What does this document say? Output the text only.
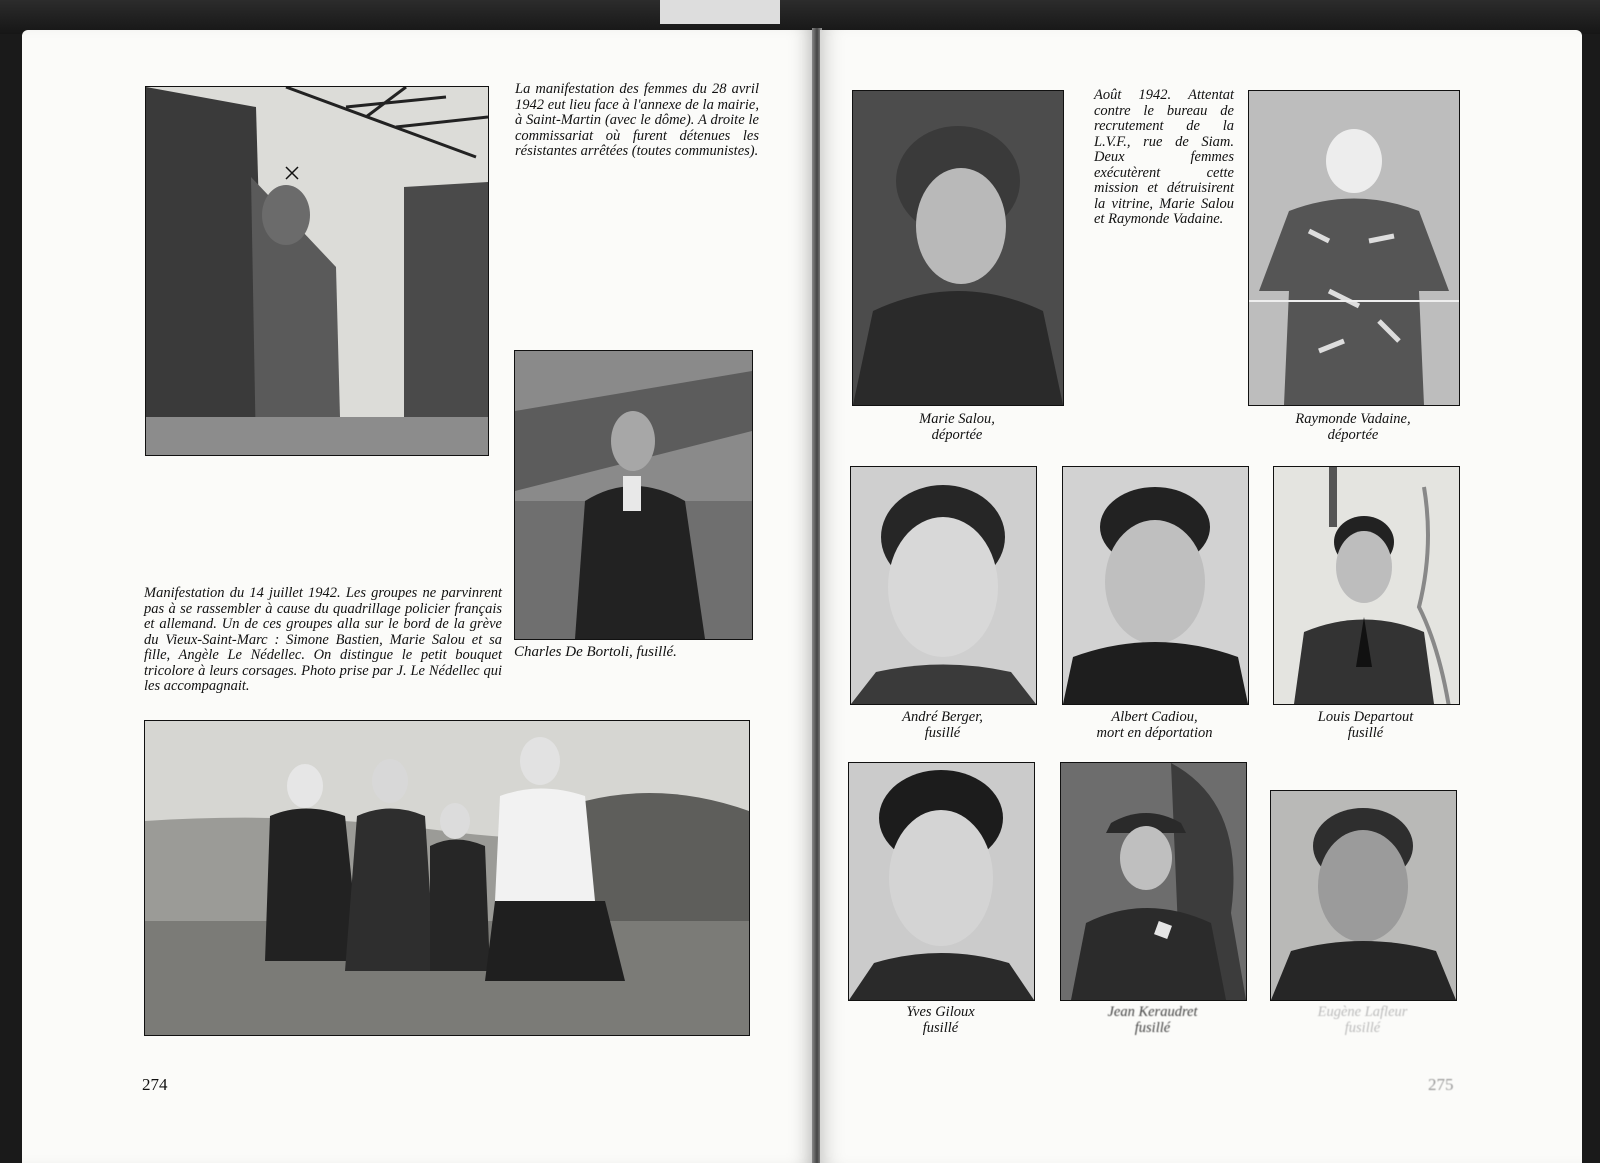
La manifestation des femmes du 28 avril 1942 eut lieu face à l'annexe de la mairie, à Saint-Martin (avec le dôme). A droite le commissariat où furent détenues les résistantes arrêtées (toutes communistes).
Charles De Bortoli, fusillé.
Manifestation du 14 juillet 1942. Les groupes ne parvinrent pas à se rassembler à cause du quadrillage policier français et allemand. Un de ces groupes alla sur le bord de la grève du Vieux-Saint-Marc : Simone Bastien, Marie Salou et sa fille, Angèle Le Nédellec. On distingue le petit bouquet tricolore à leurs corsages. Photo prise par J. Le Nédellec qui les accompagnait.
274
Marie Salou,
déportée
Août 1942. Attentat contre le bureau de recrutement de la L.V.F., rue de Siam. Deux femmes exécutèrent cette mission et détruisirent la vitrine, Marie Salou et Raymonde Vadaine.
Raymonde Vadaine,
déportée
André Berger,
fusillé
Albert Cadiou,
mort en déportation
Louis Departout
fusillé
Yves Giloux
fusillé
Jean Keraudret
fusillé
Eugène Lafleur
fusillé
275
